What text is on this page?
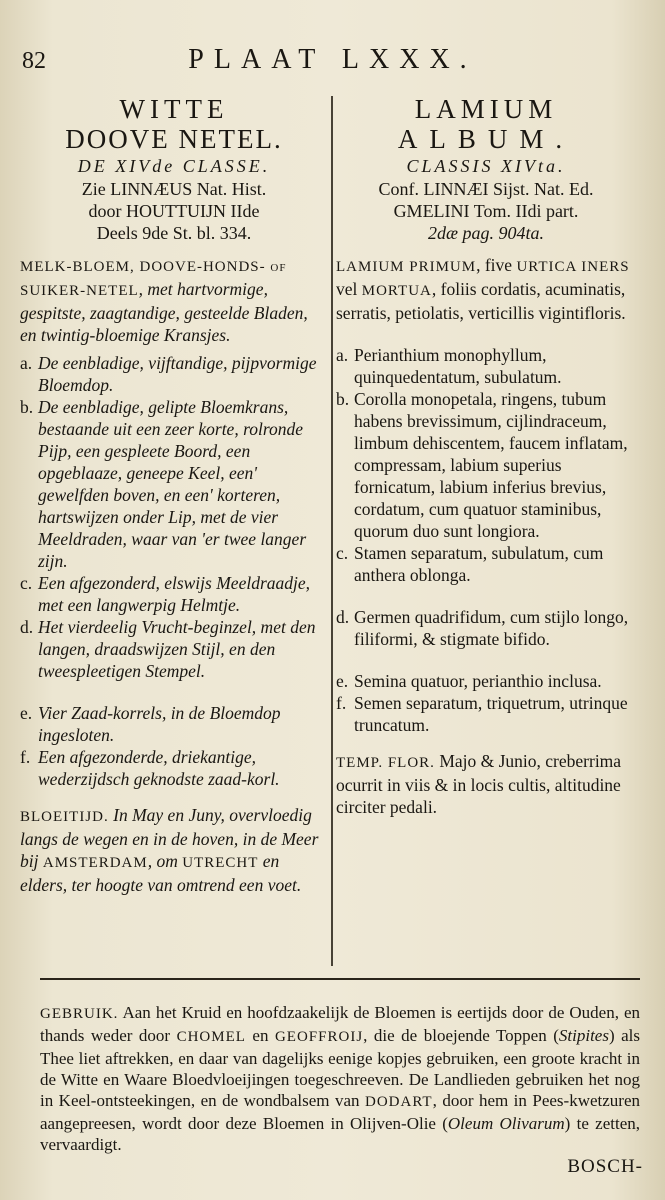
82	PLAAT LXXX.
WITTE
DOOVE NETEL.
DE XIVde CLASSE.
Zie LINNÆUS Nat. Hist.
door HOUTTUIJN IIde
Deels 9de St. bl. 334.

MELK-BLOEM, DOOVE-HONDS- of SUIKER-NETEL, met hartvormige, gespitste, zaagtandige, gesteelde Bladen, en twintig-bloemige Kransjes.

a. De eenbladige, vijftandige, pijpvormige Bloemdop.
b. De eenbladige, gelipte Bloemkrans, bestaande uit een zeer korte, rolronde Pijp, een gespleete Boord, een opgeblaaze, geneepe Keel, een' gewelfden boven, en een' korteren, hartswijzen onder Lip, met de vier Meeldraden, waar van 'er twee langer zijn.
c. Een afgezonderd, elswijs Meeldraadje, met een langwerpig Helmtje.
d. Het vierdeelig Vrucht-beginzel, met den langen, draadswijzen Stijl, en den tweespleetigen Stempel.
e. Vier Zaad-korrels, in de Bloemdop ingesloten.
f. Een afgezonderde, driekantige, wederzijdsch geknodste zaad-korl.

BLOEITIJD. In May en Juny, overvloedig langs de wegen en in de hoven, in de Meer bij AMSTERDAM, om UTRECHT en elders, ter hoogte van omtrend een voet.

LAMIUM
ALBUM.
CLASSIS XIVta.
Conf. LINNÆI Sijst. Nat. Ed.
GMELINI Tom. IIdi part.
2dæ pag. 904ta.

LAMIUM PRIMUM, five URTICA INERS vel MORTUA, foliis cordatis, acuminatis, serratis, petiolatis, verticillis vigintifloris.

a. Perianthium monophyllum, quinquedentatum, subulatum.
b. Corolla monopetala, ringens, tubum habens brevissimum, cijlindraceum, limbum dehiscentem, faucem inflatam, compressam, labium superius fornicatum, labium inferius brevius, cordatum, cum quatuor staminibus, quorum duo sunt longiora.
c. Stamen separatum, subulatum, cum anthera oblonga.
d. Germen quadrifidum, cum stijlo longo, filiformi, & stigmate bifido.
e. Semina quatuor, perianthio inclusa.
f. Semen separatum, triquetrum, utrinque truncatum.

TEMP. FLOR. Majo & Junio, creberrima ocurrit in viis & in locis cultis, altitudine circiter pedali.

GEBRUIK. Aan het Kruid en hoofdzaakelijk de Bloemen is eertijds door de Ouden, en thands weder door CHOMEL en GEOFFROIJ, die de bloejende Toppen (Stipites) als Thee liet aftrekken, en daar van dagelijks eenige kopjes gebruiken, een groote kracht in de Witte en Waare Bloedvloeijingen toegeschreeven. De Landlieden gebruiken het nog in Keel-ontsteekingen, en de wondbalsem van DODART, door hem in Pees-kwetzuren aangepreesen, wordt door deze Bloemen in Olijven-Olie (Oleum Olivarum) te zetten, vervaardigt.

BOSCH-
